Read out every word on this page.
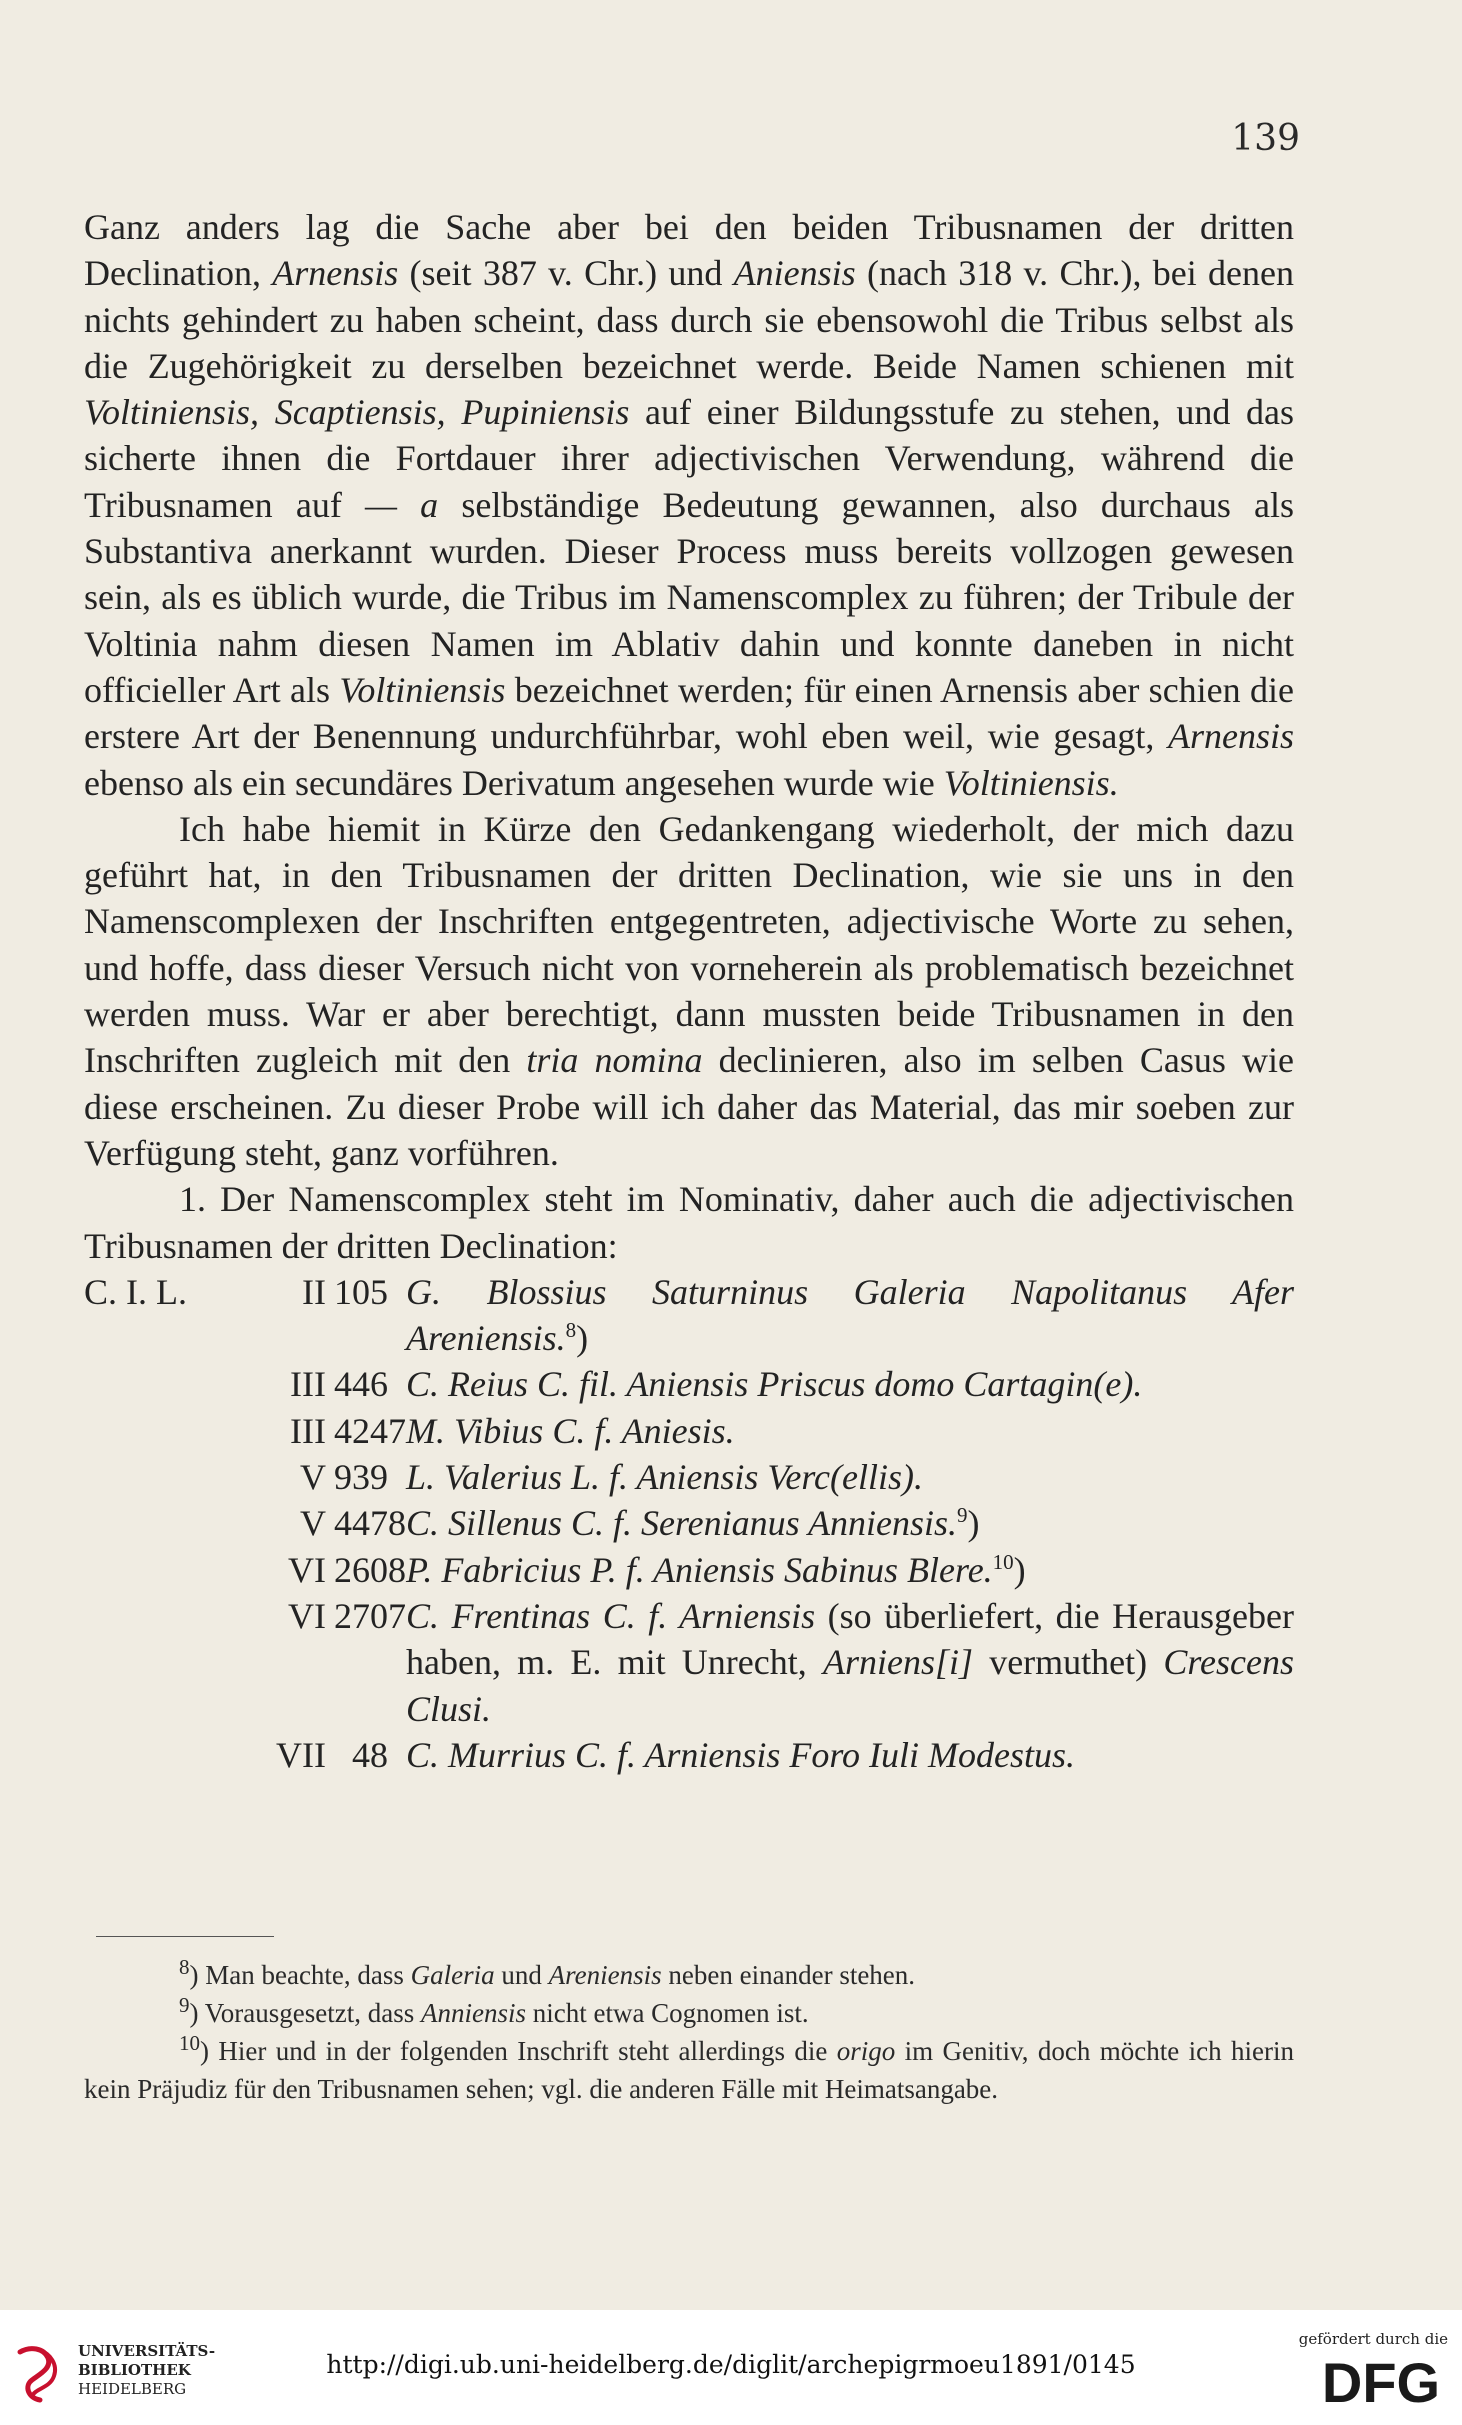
139

Ganz anders lag die Sache aber bei den beiden Tribusnamen der dritten Declination, Arnensis (seit 387 v. Chr.) und Aniensis (nach 318 v. Chr.), bei denen nichts gehindert zu haben scheint, dass durch sie ebensowohl die Tribus selbst als die Zugehörigkeit zu derselben bezeichnet werde. Beide Namen schienen mit Voltiniensis, Scaptiensis, Pupiniensis auf einer Bildungsstufe zu stehen, und das sicherte ihnen die Fortdauer ihrer adjectivischen Verwendung, während die Tribusnamen auf — a selbständige Bedeutung gewannen, also durchaus als Substantiva anerkannt wurden. Dieser Process muss bereits vollzogen gewesen sein, als es üblich wurde, die Tribus im Namenscomplex zu führen; der Tribule der Voltinia nahm diesen Namen im Ablativ dahin und konnte daneben in nicht officieller Art als Voltiniensis bezeichnet werden; für einen Arnensis aber schien die erstere Art der Benennung undurchführbar, wohl eben weil, wie gesagt, Arnensis ebenso als ein secundäres Derivatum angesehen wurde wie Voltiniensis.

Ich habe hiemit in Kürze den Gedankengang wiederholt, der mich dazu geführt hat, in den Tribusnamen der dritten Declination, wie sie uns in den Namenscomplexen der Inschriften entgegentreten, adjectivische Worte zu sehen, und hoffe, dass dieser Versuch nicht von vorneherein als problematisch bezeichnet werden muss. War er aber berechtigt, dann mussten beide Tribusnamen in den Inschriften zugleich mit den tria nomina declinieren, also im selben Casus wie diese erscheinen. Zu dieser Probe will ich daher das Material, das mir soeben zur Verfügung steht, ganz vorführen.

1. Der Namenscomplex steht im Nominativ, daher auch die adjectivischen Tribusnamen der dritten Declination:

C. I. L.	II 105 G. Blossius Saturninus Galeria Napolitanus Afer Areniensis.$^8$)
III 446 C. Reius C. fil. Aniensis Priscus domo Cartagin(e).
III 4247 M. Vibius C. f. Aniesis.
V 939 L. Valerius L. f. Aniensis Verc(ellis).
V 4478 C. Sillenus C. f. Serenianus Anniensis.$^9$)
VI 2608 P. Fabricius P. f. Aniensis Sabinus Blere.$^{10}$)
VI 2707 C. Frentinas C. f. Arniensis (so überliefert, die Herausgeber haben, m. E. mit Unrecht, Arniens[i] vermuthet) Crescens Clusi.
VII 48 C. Murrius C. f. Arniensis Foro Iuli Modestus.

$^8$) Man beachte, dass Galeria und Areniensis neben einander stehen.

$^9$) Vorausgesetzt, dass Anniensis nicht etwa Cognomen ist.

$^{10}$) Hier und in der folgenden Inschrift steht allerdings die origo im Genitiv, doch möchte ich hierin kein Präjudiz für den Tribusnamen sehen; vgl. die anderen Fälle mit Heimatsangabe.

UNIVERSITÄTS-
BIBLIOTHEK
HEIDELBERG
http://digi.ub.uni-heidelberg.de/diglit/archepigrmoeu1891/0145
gefördert durch die
DFG
